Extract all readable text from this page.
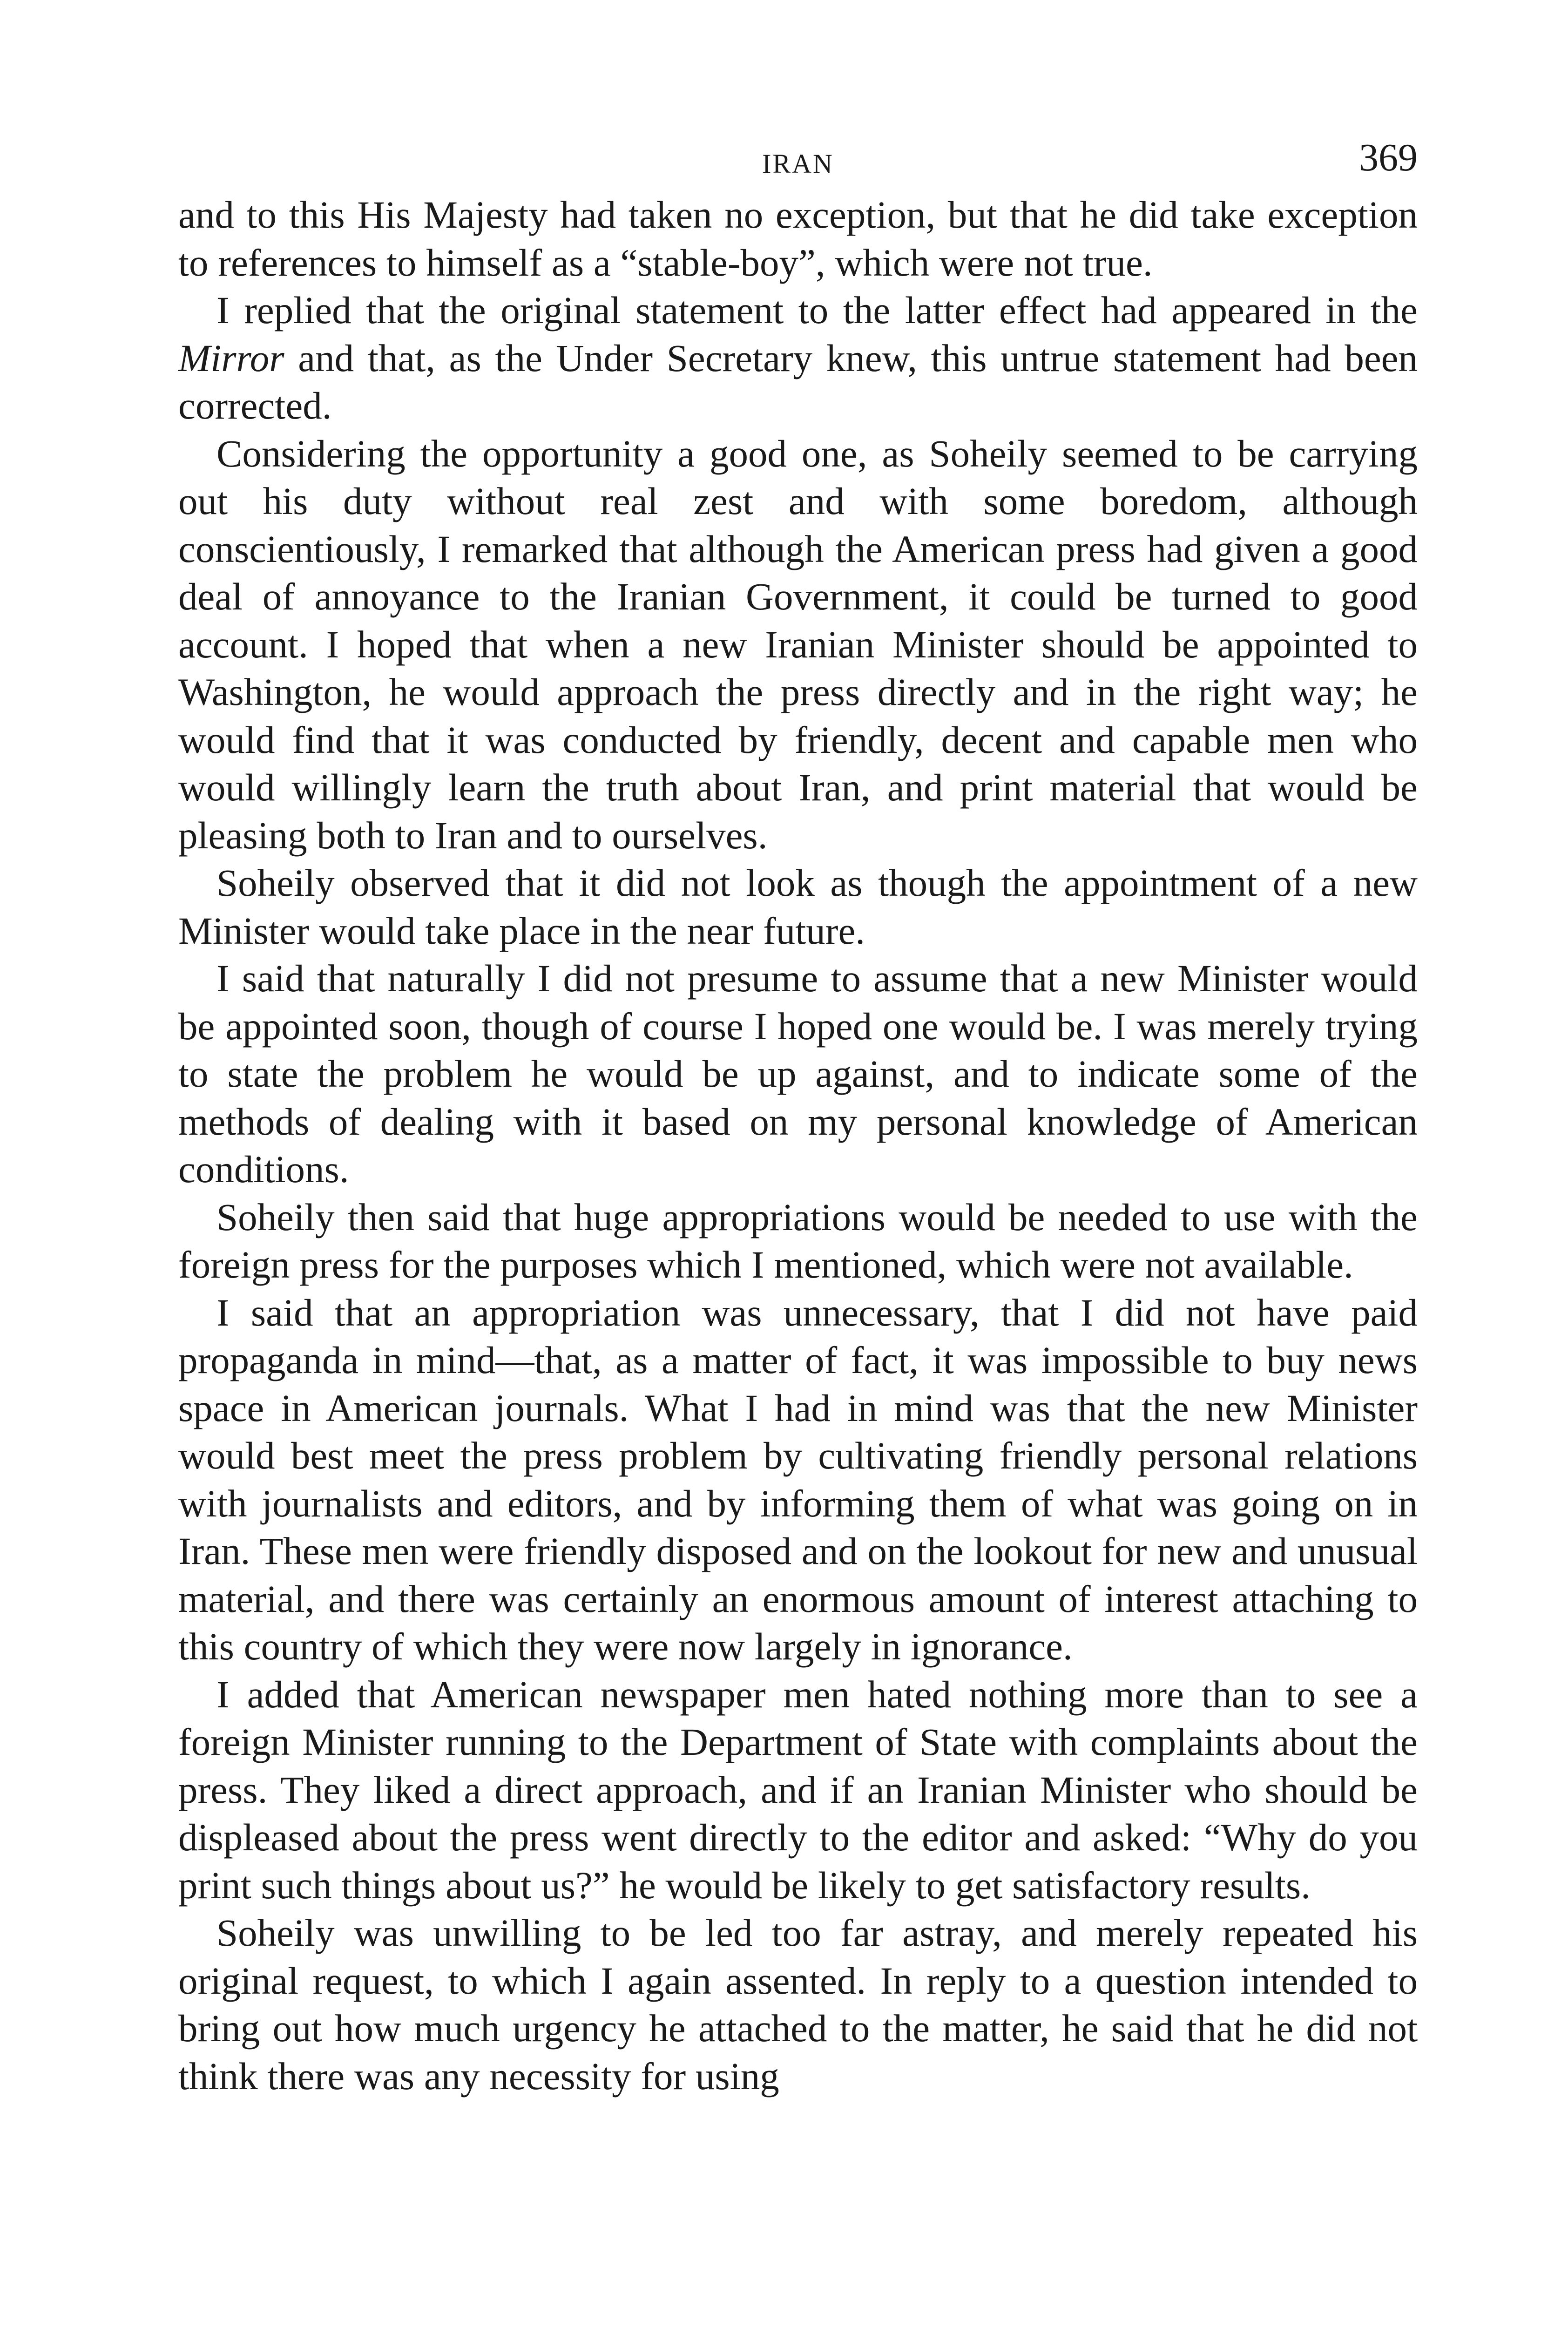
IRAN	369

and to this His Majesty had taken no exception, but that he did take exception to references to himself as a “stable-boy”, which were not true.

I replied that the original statement to the latter effect had appeared in the Mirror and that, as the Under Secretary knew, this untrue statement had been corrected.

Considering the opportunity a good one, as Soheily seemed to be carrying out his duty without real zest and with some boredom, although conscientiously, I remarked that although the American press had given a good deal of annoyance to the Iranian Government, it could be turned to good account. I hoped that when a new Iranian Minister should be appointed to Washington, he would approach the press directly and in the right way; he would find that it was conducted by friendly, decent and capable men who would willingly learn the truth about Iran, and print material that would be pleasing both to Iran and to ourselves.

Soheily observed that it did not look as though the appointment of a new Minister would take place in the near future.

I said that naturally I did not presume to assume that a new Minister would be appointed soon, though of course I hoped one would be. I was merely trying to state the problem he would be up against, and to indicate some of the methods of dealing with it based on my personal knowledge of American conditions.

Soheily then said that huge appropriations would be needed to use with the foreign press for the purposes which I mentioned, which were not available.

I said that an appropriation was unnecessary, that I did not have paid propaganda in mind—that, as a matter of fact, it was impossible to buy news space in American journals. What I had in mind was that the new Minister would best meet the press problem by cultivating friendly personal relations with journalists and editors, and by informing them of what was going on in Iran. These men were friendly disposed and on the lookout for new and unusual material, and there was certainly an enormous amount of interest attaching to this country of which they were now largely in ignorance.

I added that American newspaper men hated nothing more than to see a foreign Minister running to the Department of State with complaints about the press. They liked a direct approach, and if an Iranian Minister who should be displeased about the press went directly to the editor and asked: “Why do you print such things about us?” he would be likely to get satisfactory results.

Soheily was unwilling to be led too far astray, and merely repeated his original request, to which I again assented. In reply to a question intended to bring out how much urgency he attached to the matter, he said that he did not think there was any necessity for using
